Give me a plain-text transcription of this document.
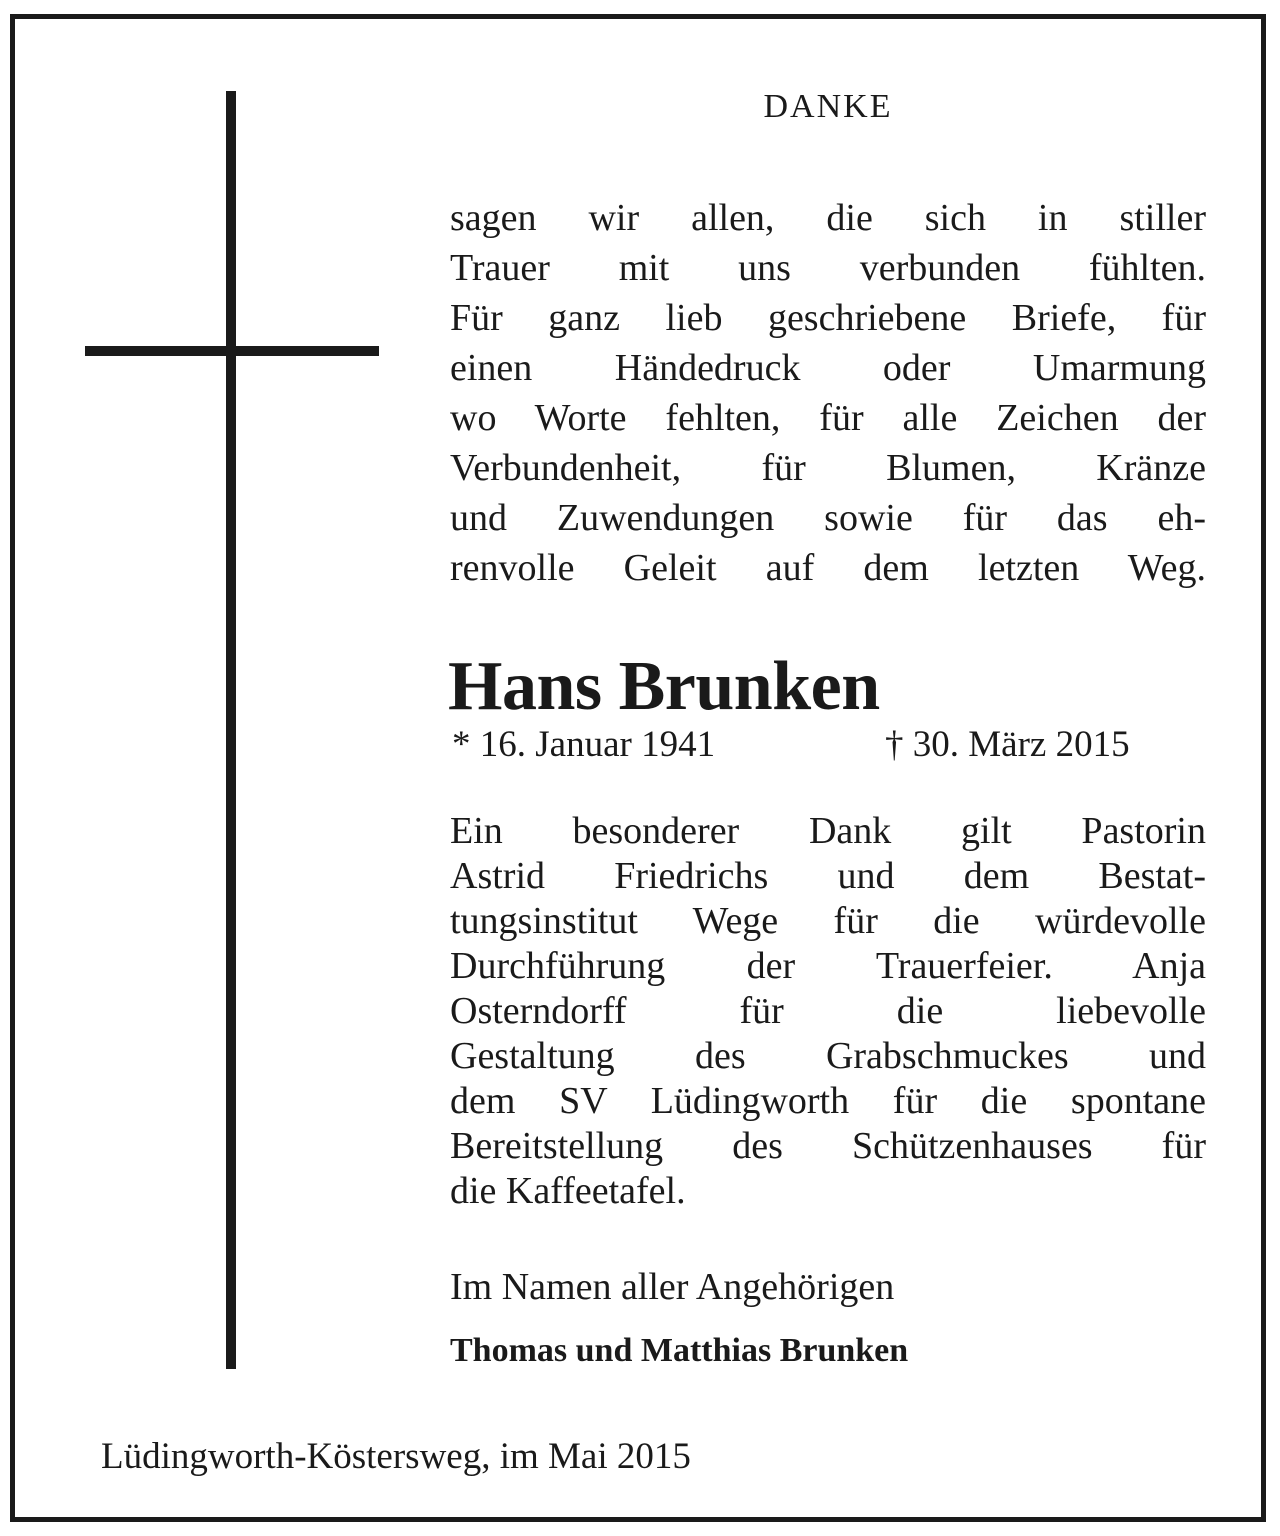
DANKE

sagen wir allen, die sich in stiller
Trauer mit uns verbunden fühlten.
Für ganz lieb geschriebene Briefe, für
einen Händedruck oder Umarmung
wo Worte fehlten, für alle Zeichen der
Verbundenheit, für Blumen, Kränze
und Zuwendungen sowie für das eh-
renvolle Geleit auf dem letzten Weg.

Hans Brunken
* 16. Januar 1941	† 30. März 2015

Ein besonderer Dank gilt Pastorin
Astrid Friedrichs und dem Bestat-
tungsinstitut Wege für die würdevolle
Durchführung der Trauerfeier. Anja
Osterndorff für die liebevolle
Gestaltung des Grabschmuckes und
dem SV Lüdingworth für die spontane
Bereitstellung des Schützenhauses für
die Kaffeetafel.

Im Namen aller Angehörigen
Thomas und Matthias Brunken
Lüdingworth-Köstersweg, im Mai 2015
